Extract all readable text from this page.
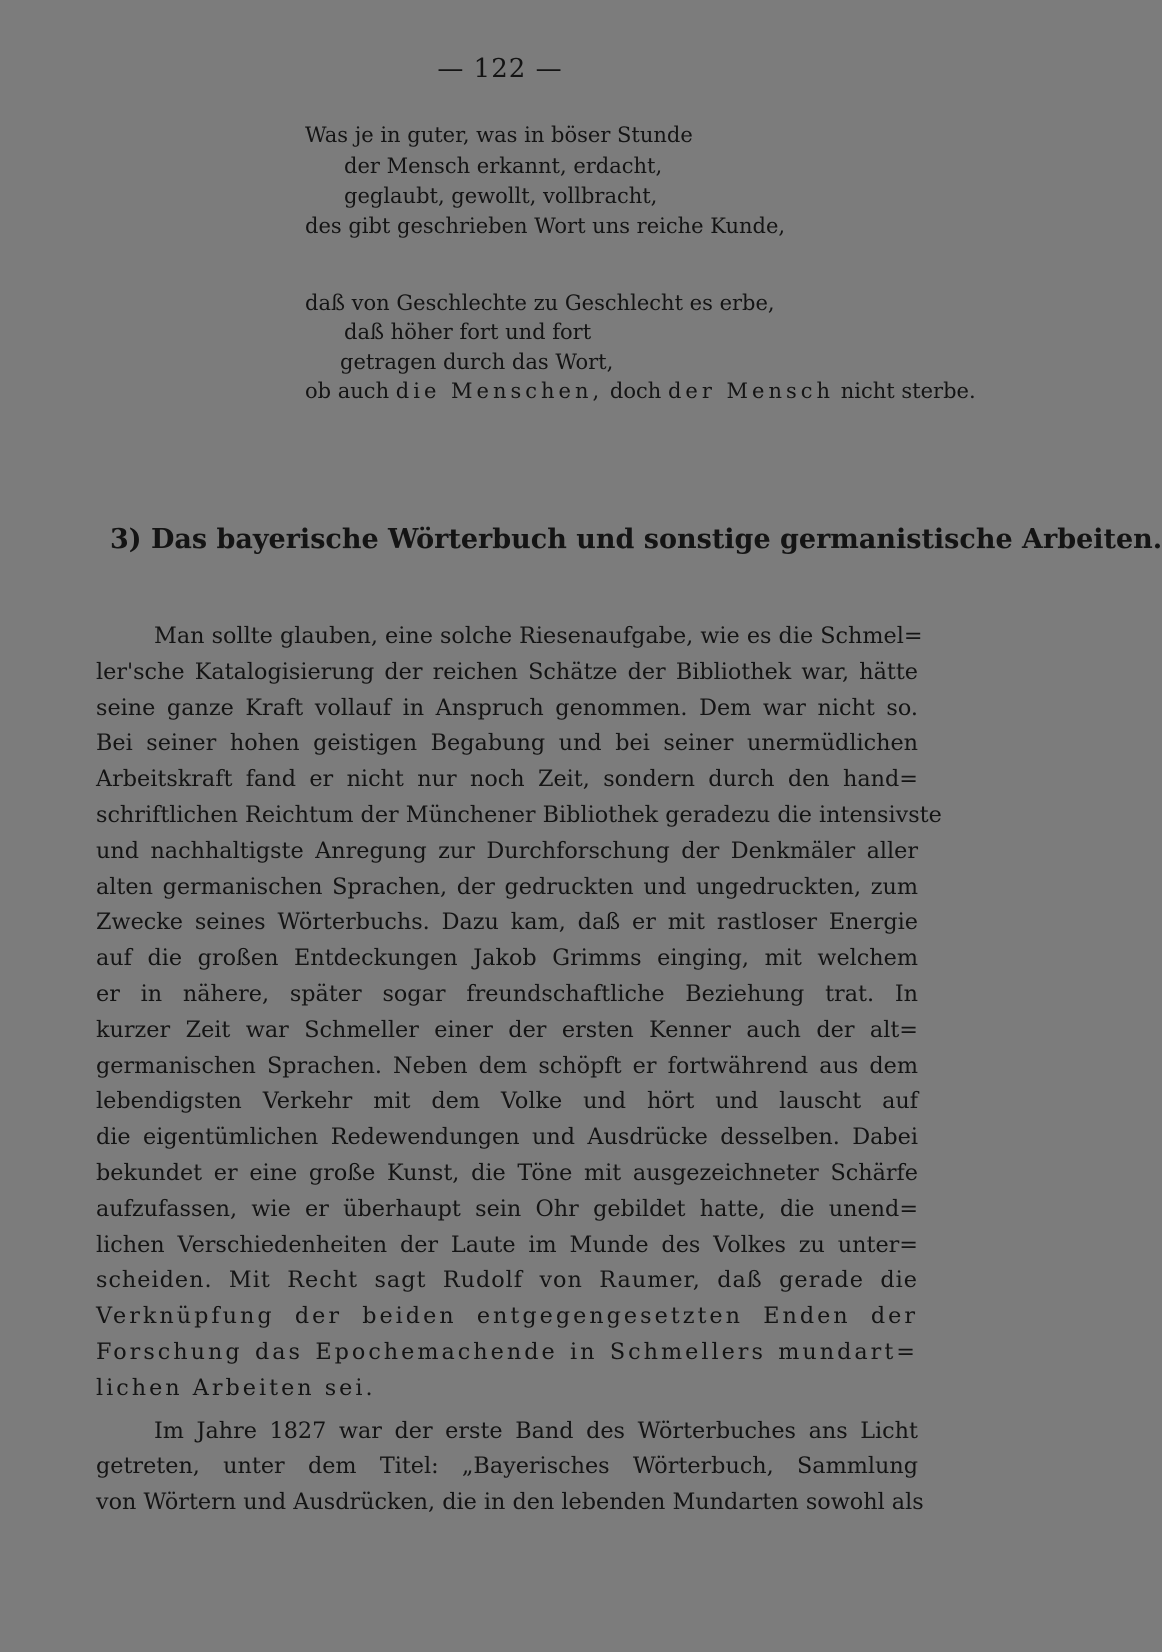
— 122 —
Was je in guter, was in böser Stunde
der Mensch erkannt, erdacht,
geglaubt, gewollt, vollbracht,
des gibt geschrieben Wort uns reiche Kunde,
daß von Geschlechte zu Geschlecht es erbe,
daß höher fort und fort
getragen durch das Wort,
ob auch die Menschen, doch der Mensch nicht sterbe.
3) Das bayerische Wörterbuch und sonstige germanistische Arbeiten.
Man sollte glauben, eine solche Riesenaufgabe, wie es die Schmel=
ler'sche Katalogisierung der reichen Schätze der Bibliothek war, hätte
seine ganze Kraft vollauf in Anspruch genommen. Dem war nicht so.
Bei seiner hohen geistigen Begabung und bei seiner unermüdlichen
Arbeitskraft fand er nicht nur noch Zeit, sondern durch den hand=
schriftlichen Reichtum der Münchener Bibliothek geradezu die intensivste
und nachhaltigste Anregung zur Durchforschung der Denkmäler aller
alten germanischen Sprachen, der gedruckten und ungedruckten, zum
Zwecke seines Wörterbuchs. Dazu kam, daß er mit rastloser Energie
auf die großen Entdeckungen Jakob Grimms einging, mit welchem
er in nähere, später sogar freundschaftliche Beziehung trat. In
kurzer Zeit war Schmeller einer der ersten Kenner auch der alt=
germanischen Sprachen. Neben dem schöpft er fortwährend aus dem
lebendigsten Verkehr mit dem Volke und hört und lauscht auf
die eigentümlichen Redewendungen und Ausdrücke desselben. Dabei
bekundet er eine große Kunst, die Töne mit ausgezeichneter Schärfe
aufzufassen, wie er überhaupt sein Ohr gebildet hatte, die unend=
lichen Verschiedenheiten der Laute im Munde des Volkes zu unter=
scheiden. Mit Recht sagt Rudolf von Raumer, daß gerade die
Verknüpfung der beiden entgegengesetzten Enden der
Forschung das Epochemachende in Schmellers mundart=
lichen Arbeiten sei.
Im Jahre 1827 war der erste Band des Wörterbuches ans Licht
getreten, unter dem Titel: „Bayerisches Wörterbuch, Sammlung
von Wörtern und Ausdrücken, die in den lebenden Mundarten sowohl als
